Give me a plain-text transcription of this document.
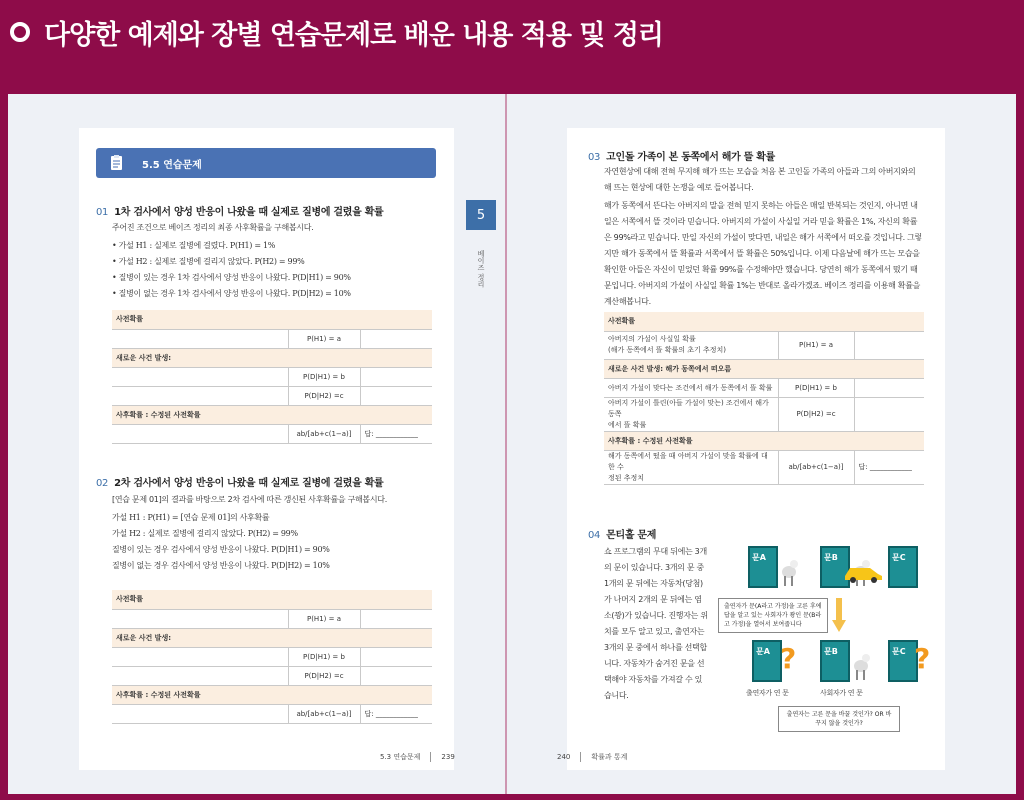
다양한 예제와 장별 연습문제로 배운 내용 적용 및 정리
5.5 연습문제
01 1차 검사에서 양성 반응이 나왔을 때 실제로 질병에 걸렸을 확률
주어진 조건으로 베이즈 정리의 최종 사후확률을 구해봅시다.
• 가설 H1 : 실제로 질병에 걸렸다. P(H1) = 1%
• 가설 H2 : 실제로 질병에 걸리지 않았다. P(H2) = 99%
• 질병이 있는 경우 1차 검사에서 양성 반응이 나왔다. P(D|H1) = 90%
• 질병이 없는 경우 1차 검사에서 양성 반응이 나왔다. P(D|H2) = 10%
사전확률		
	P(H1) = a	
새로운 사건 발생:		
	P(D|H1) = b	
	P(D|H2) =c	
사후확률 : 수정된 사전확률		
	ab/[ab+c(1−a)]	답: ____________
02 2차 검사에서 양성 반응이 나왔을 때 실제로 질병에 걸렸을 확률
[연습 문제 01]의 결과를 바탕으로 2차 검사에 따른 갱신된 사후확률을 구해봅시다.
가설 H1 : P(H1) = [연습 문제 01]의 사후확률
가설 H2 : 실제로 질병에 걸리지 않았다. P(H2) = 99%
질병이 있는 경우 검사에서 양성 반응이 나왔다. P(D|H1) = 90%
질병이 없는 경우 검사에서 양성 반응이 나왔다. P(D|H2) = 10%
사전확률		
	P(H1) = a	
새로운 사건 발생:		
	P(D|H1) = b	
	P(D|H2) =c	
사후확률 : 수정된 사전확률		
	ab/[ab+c(1−a)]	답: ____________
5.3 연습문제	239
5
베이즈 정리
03 고인돌 가족이 본 동쪽에서 해가 뜰 확률
자연현상에 대해 전혀 무지해 해가 뜨는 모습을 처음 본 고인돌 가족의 아들과 그의 아버지와의 해 뜨는 현상에 대한 논쟁을 예로 들어봅니다.
해가 동쪽에서 뜬다는 아버지의 말을 전혀 믿지 못하는 아들은 매일 반복되는 것인지, 아니면 내일은 서쪽에서 뜰 것이라 믿습니다. 아버지의 가설이 사실일 거라 믿을 확률은 1%, 자신의 확률은 99%라고 믿습니다. 만일 자신의 가설이 맞다면, 내일은 해가 서쪽에서 떠오를 것입니다. 그렇지만 해가 동쪽에서 뜰 확률과 서쪽에서 뜰 확률은 50%입니다. 이제 다음날에 해가 뜨는 모습을 확인한 아들은 자신이 믿었던 확률 99%를 수정해야만 했습니다. 당연히 해가 동쪽에서 떴기 때문입니다. 아버지의 가설이 사실일 확률 1%는 반대로 올라가겠죠. 베이즈 정리를 이용해 확률을 계산해봅니다.
사전확률		

아버지의 가설이 사실일 확률
(해가 동쪽에서 뜰 확률의 초기 추정치)	P(H1) = a	
새로운 사건 발생: 해가 동쪽에서 떠오름		
아버지 가설이 맞다는 조건에서 해가 동쪽에서 뜰 확률	P(D|H1) = b	

아버지 가설이 틀린(아들 가설이 맞는) 조건에서 해가 동쪽
에서 뜰 확률	P(D|H2) =c	
사후확률 : 수정된 사전확률		

해가 동쪽에서 떴을 때 아버지 가설이 맞을 확률에 대한 수
정된 추정치	ab/[ab+c(1−a)]	답: ____________
04 몬티홀 문제
쇼 프로그램의 무대 뒤에는 3개의 문이 있습니다. 3개의 문 중 1개의 문 뒤에는 자동차(당첨)가 나머지 2개의 문 뒤에는 염소(꽝)가 있습니다. 진행자는 위치를 모두 알고 있고, 출연자는 3개의 문 중에서 하나를 선택합니다. 자동차가 숨겨진 문을 선택해야 자동차를 가져갈 수 있습니다.
문A	문B	문C
출연자가 문(A라고 가정)을 고른 후에 답을 알고 있는 사회자가 꽝인 문(B라고 가정)을 열어서 보여줍니다
문A ?	문B	문C ?
출연자가 연 문	사회자가 연 문
출연자는 고른 문을 바꿀 것인가? OR 바꾸지 않을 것인가?
240	확률과 통계
